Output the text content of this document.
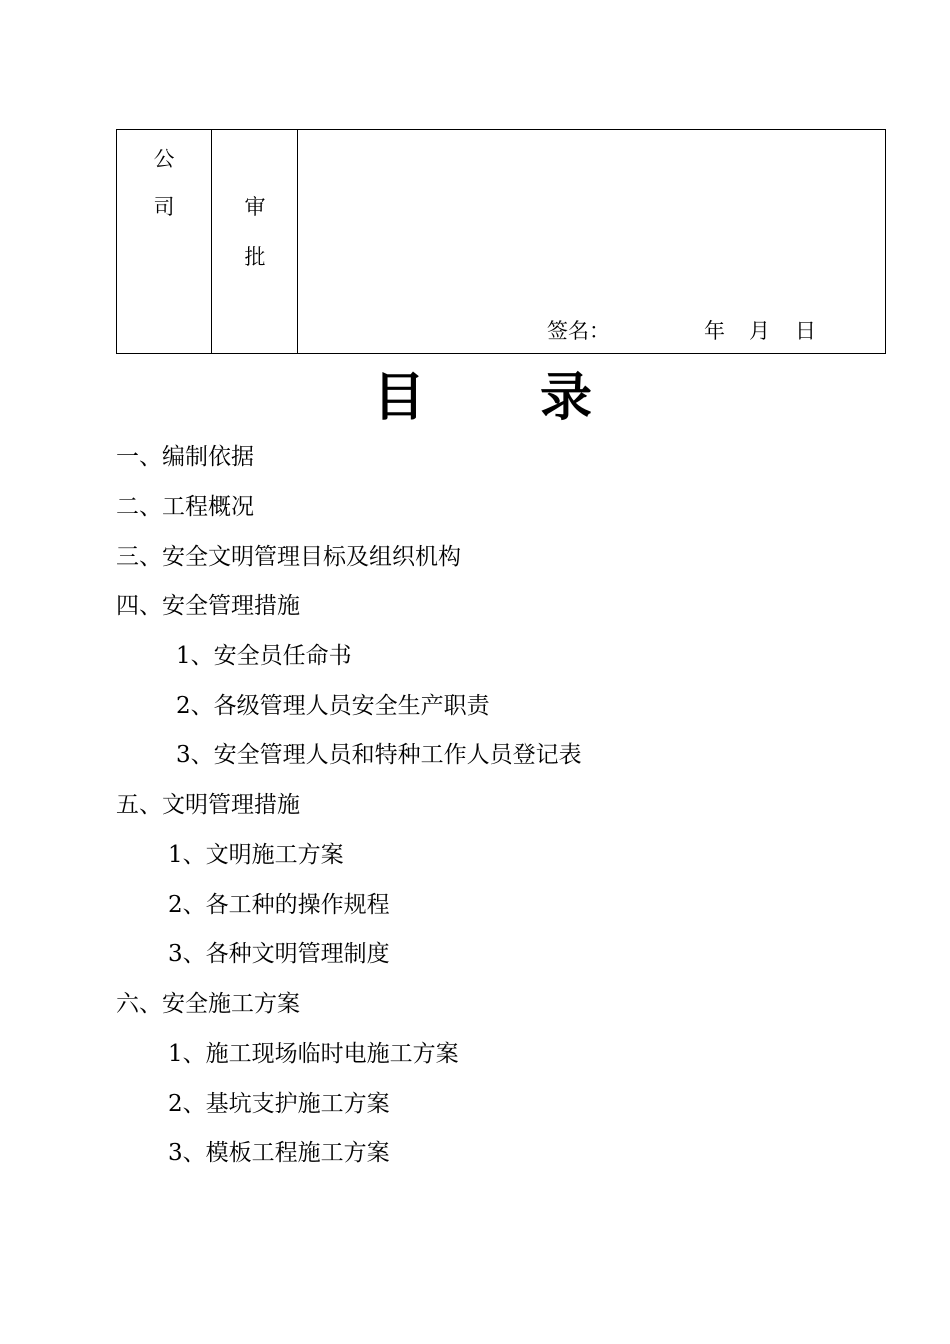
公
司	审
批
签名：	年 月 日
目 录
一、编制依据
二、工程概况
三、安全文明管理目标及组织机构
四、安全管理措施
1、安全员任命书
2、各级管理人员安全生产职责
3、安全管理人员和特种工作人员登记表
五、文明管理措施
1、文明施工方案
2、各工种的操作规程
3、各种文明管理制度
六、安全施工方案
1、施工现场临时电施工方案
2、基坑支护施工方案
3、模板工程施工方案
